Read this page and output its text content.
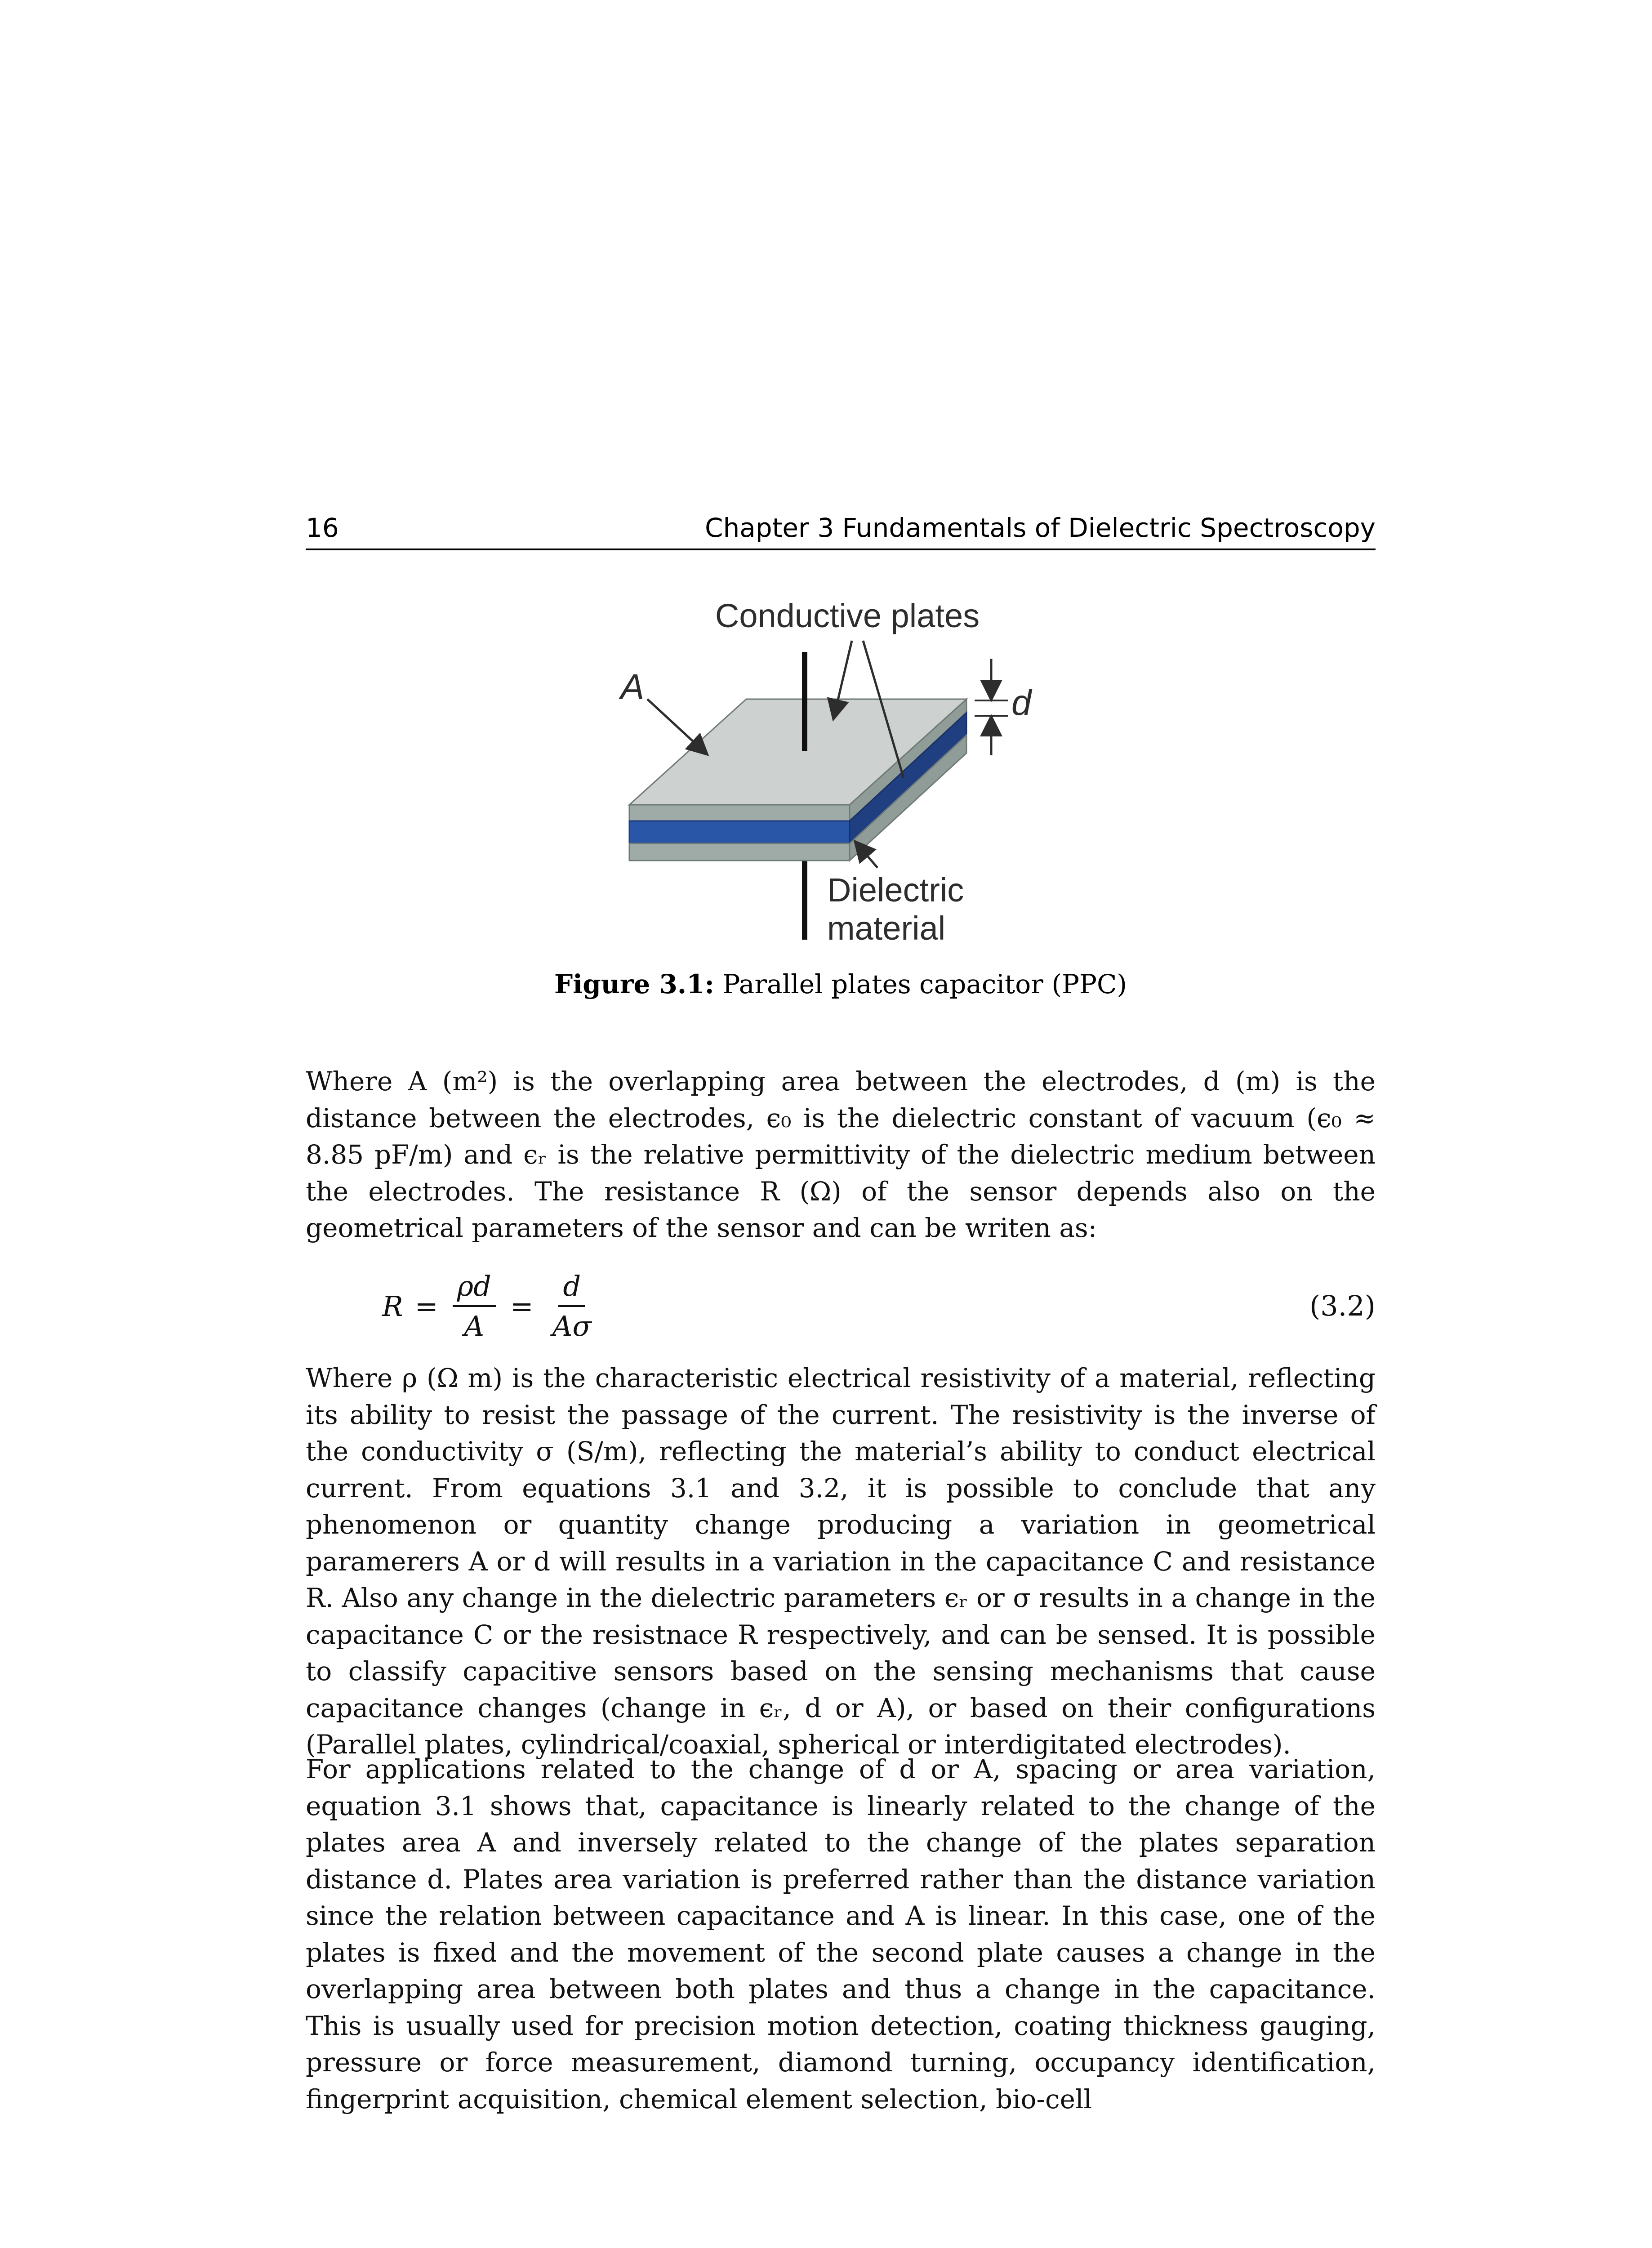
16	Chapter 3 Fundamentals of Dielectric Spectroscopy
Conductive plates
A	d
Dielectric
material
Figure 3.1: Parallel plates capacitor (PPC)

Where A (m²) is the overlapping area between the electrodes, d (m) is the distance between the electrodes, ϵ₀ is the dielectric constant of vacuum (ϵ₀ ≈ 8.85 pF/m) and ϵᵣ is the relative permittivity of the dielectric medium between the electrodes. The resistance R (Ω) of the sensor depends also on the geometrical parameters of the sensor and can be writen as:

$R = \frac{\rho d}{A} = \frac{d}{A\sigma}$	(3.2)

Where ρ (Ω m) is the characteristic electrical resistivity of a material, reflecting its ability to resist the passage of the current. The resistivity is the inverse of the conductivity σ (S/m), reflecting the material’s ability to conduct electrical current. From equations 3.1 and 3.2, it is possible to conclude that any phenomenon or quantity change producing a variation in geometrical paramerers A or d will results in a variation in the capacitance C and resistance R. Also any change in the dielectric parameters ϵᵣ or σ results in a change in the capacitance C or the resistnace R respectively, and can be sensed. It is possible to classify capacitive sensors based on the sensing mechanisms that cause capacitance changes (change in ϵᵣ, d or A), or based on their configurations (Parallel plates, cylindrical/coaxial, spherical or interdigitated electrodes).

For applications related to the change of d or A, spacing or area variation, equation 3.1 shows that, capacitance is linearly related to the change of the plates area A and inversely related to the change of the plates separation distance d. Plates area variation is preferred rather than the distance variation since the relation between capacitance and A is linear. In this case, one of the plates is fixed and the movement of the second plate causes a change in the overlapping area between both plates and thus a change in the capacitance. This is usually used for precision motion detection, coating thickness gauging, pressure or force measurement, diamond turning, occupancy identification, fingerprint acquisition, chemical element selection, bio-cell
